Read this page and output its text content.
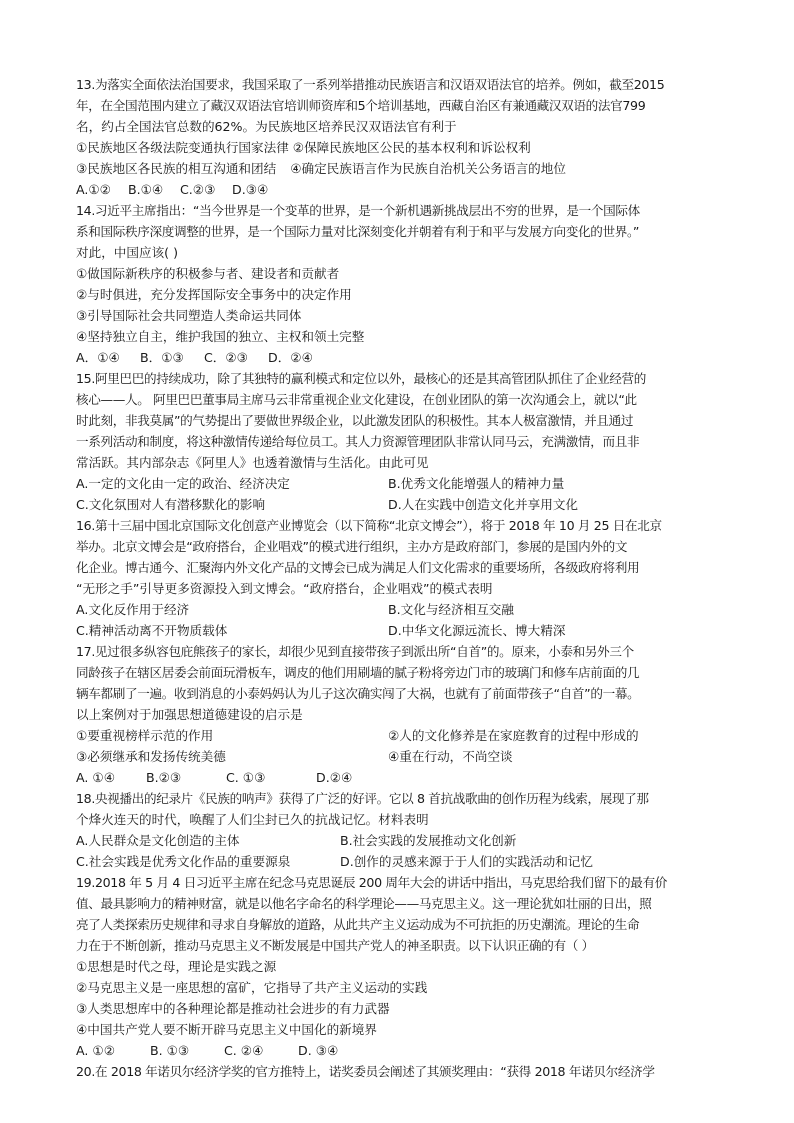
13.为落实全面依法治国要求，我国采取了一系列举措推动民族语言和汉语双语法官的培养。例如，截至2015
年，在全国范围内建立了藏汉双语法官培训师资库和5个培训基地，西藏自治区有兼通藏汉双语的法官799
名，约占全国法官总数的62%。为民族地区培养民汉双语法官有利于
①民族地区各级法院变通执行国家法律 ②保障民族地区公民的基本权利和诉讼权利
③民族地区各民族的相互沟通和团结 ④确定民族语言作为民族自治机关公务语言的地位
A.①②	B.①④	C.②③	D.③④
14.习近平主席指出：“当今世界是一个变革的世界，是一个新机遇新挑战层出不穷的世界，是一个国际体
系和国际秩序深度调整的世界，是一个国际力量对比深刻变化并朝着有利于和平与发展方向变化的世界。”
对此，中国应该( )
①做国际新秩序的积极参与者、建设者和贡献者
②与时俱进，充分发挥国际安全事务中的决定作用
③引导国际社会共同塑造人类命运共同体
④坚持独立自主，维护我国的独立、主权和领土完整
A．①④	B．①③	C．②③	D．②④
15.阿里巴巴的持续成功，除了其独特的赢利模式和定位以外，最核心的还是其高管团队抓住了企业经营的
核心——人。 阿里巴巴董事局主席马云非常重视企业文化建设，在创业团队的第一次沟通会上，就以“此
时此刻，非我莫属”的气势提出了要做世界级企业，以此激发团队的积极性。其本人极富激情，并且通过
一系列活动和制度，将这种激情传递给每位员工。其人力资源管理团队非常认同马云，充满激情，而且非
常活跃。其内部杂志《阿里人》也透着激情与生活化。由此可见
A.一定的文化由一定的政治、经济决定	B.优秀文化能增强人的精神力量
C.文化氛围对人有潜移默化的影响	D.人在实践中创造文化并享用文化
16.第十三届中国北京国际文化创意产业博览会（以下简称“北京文博会”），将于 2018 年 10 月 25 日在北京
举办。北京文博会是“政府搭台，企业唱戏”的模式进行组织，主办方是政府部门，参展的是国内外的文
化企业。博古通今、汇聚海内外文化产品的文博会已成为满足人们文化需求的重要场所，各级政府将利用
“无形之手”引导更多资源投入到文博会。“政府搭台，企业唱戏”的模式表明
A.文化反作用于经济	B.文化与经济相互交融
C.精神活动离不开物质载体	D.中华文化源远流长、博大精深
17.见过很多纵容包庇熊孩子的家长，却很少见到直接带孩子到派出所“自首”的。原来，小泰和另外三个
同龄孩子在辖区居委会前面玩滑板车，调皮的他们用刷墙的腻子粉将旁边门市的玻璃门和修车店前面的几
辆车都刷了一遍。收到消息的小泰妈妈认为儿子这次确实闯了大祸，也就有了前面带孩子“自首”的一幕。
以上案例对于加强思想道德建设的启示是
①要重视榜样示范的作用	②人的文化修养是在家庭教育的过程中形成的
③必须继承和发扬传统美德	④重在行动，不尚空谈
A. ①④	B.②③	C. ①③	D.②④
18.央视播出的纪录片《民族的呐声》获得了广泛的好评。它以 8 首抗战歌曲的创作历程为线索，展现了那
个烽火连天的时代，唤醒了人们尘封已久的抗战记忆。材料表明
A.人民群众是文化创造的主体	B.社会实践的发展推动文化创新
C.社会实践是优秀文化作品的重要源泉	D.创作的灵感来源于于人们的实践活动和记忆
19.2018 年 5 月 4 日习近平主席在纪念马克思诞辰 200 周年大会的讲话中指出，马克思给我们留下的最有价
值、最具影响力的精神财富，就是以他名字命名的科学理论——马克思主义。这一理论犹如壮丽的日出，照
亮了人类探索历史规律和寻求自身解放的道路，从此共产主义运动成为不可抗拒的历史潮流。理论的生命
力在于不断创新，推动马克思主义不断发展是中国共产党人的神圣职责。以下认识正确的有（ ）
①思想是时代之母，理论是实践之源
②马克思主义是一座思想的富矿，它指导了共产主义运动的实践
③人类思想库中的各种理论都是推动社会进步的有力武器
④中国共产党人要不断开辟马克思主义中国化的新境界
A. ①②	B. ①③	C. ②④	D. ③④
20.在 2018 年诺贝尔经济学奖的官方推特上，诺奖委员会阐述了其颁奖理由：“获得 2018 年诺贝尔经济学
